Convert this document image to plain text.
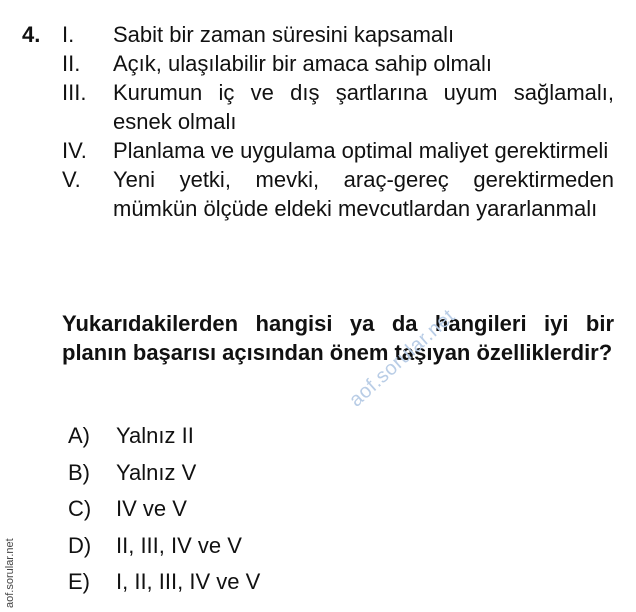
4. I.	Sabit bir zaman süresini kapsamalı
II.	Açık, ulaşılabilir bir amaca sahip olmalı
III.	Kurumun iç ve dış şartlarına uyum sağlamalı, esnek olmalı
IV.	Planlama ve uygulama optimal maliyet gerektirmeli
V.	Yeni yetki, mevki, araç-gereç gerektirmeden mümkün ölçüde eldeki mevcutlardan yararlanmalı
Yukarıdakilerden hangisi ya da hangileri iyi bir planın başarısı açısından önem taşıyan özelliklerdir?
A)	Yalnız II
B)	Yalnız V
C)	IV ve V
D)	II, III, IV ve V
E)	I, II, III, IV ve V
aof.sorular.net
aof.sorular.net
